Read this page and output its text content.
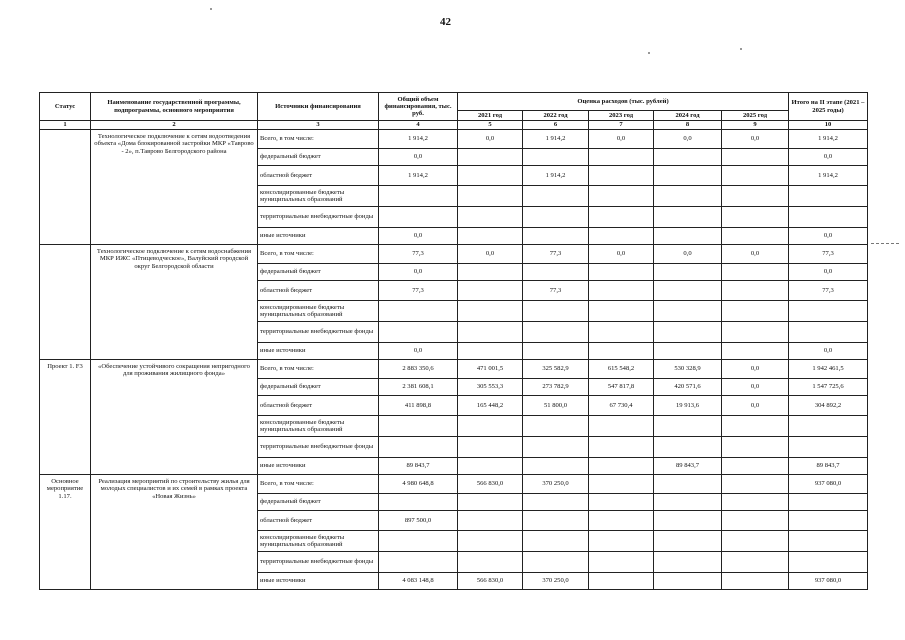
42
Статус	Наименование государственной программы, подпрограммы, основного мероприятия	Источники финансирования	Общий объем финансирования, тыс. руб.	Оценка расходов (тыс. рублей)					Итого на II этапе (2021 – 2025 годы)
				2021 год	2022 год	2023 год	2024 год	2025 год	
1	2	3	4	5	6	7	8	9	10
	Технологическое подключение к сетям водоотведения объекта «Дома блокированной застройки МКР «Таврово - 2», п.Таврово Белгородского района	Всего, в том числе:	1 914,2	0,0	1 914,2	0,0	0,0	0,0	1 914,2
		федеральный бюджет	0,0						0,0
		областной бюджет	1 914,2		1 914,2				1 914,2
		консолидированные бюджеты муниципальных образований							
		территориальные внебюджетные фонды							
		иные источники	0,0						0,0
	Технологическое подключение к сетям водоснабжения МКР ИЖС «Птицеводческое», Валуйский городской округ Белгородской области	Всего, в том числе:	77,3	0,0	77,3	0,0	0,0	0,0	77,3
		федеральный бюджет	0,0						0,0
		областной бюджет	77,3		77,3				77,3
		консолидированные бюджеты муниципальных образований							
		территориальные внебюджетные фонды							
		иные источники	0,0						0,0
Проект 1. F3	«Обеспечение устойчивого сокращения непригодного для проживания жилищного фонда»	Всего, в том числе:	2 883 350,6	471 001,5	325 582,9	615 548,2	530 328,9	0,0	1 942 461,5
		федеральный бюджет	2 381 608,1	305 553,3	273 782,9	547 817,8	420 571,6	0,0	1 547 725,6
		областной бюджет	411 898,8	165 448,2	51 800,0	67 730,4	19 913,6	0,0	304 892,2
		консолидированные бюджеты муниципальных образований							
		территориальные внебюджетные фонды							
		иные источники	89 843,7				89 843,7		89 843,7
Основное мероприятие 1.17.	Реализация мероприятий по строительству жилья для молодых специалистов и их семей в рамках проекта «Новая Жизнь»	Всего, в том числе:	4 980 648,8	566 830,0	370 250,0				937 080,0
		федеральный бюджет							
		областной бюджет	897 500,0						
		консолидированные бюджеты муниципальных образований							
		территориальные внебюджетные фонды							
		иные источники	4 083 148,8	566 830,0	370 250,0				937 080,0
